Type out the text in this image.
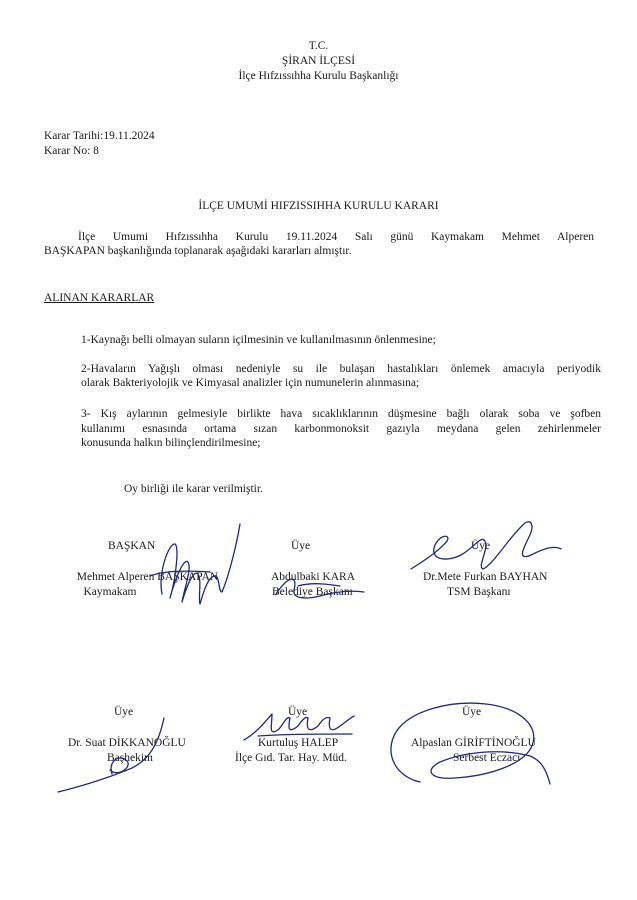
T.C.
ŞİRAN İLÇESİ
İlçe Hıfzıssıhha Kurulu Başkanlığı
Karar Tarihi:19.11.2024
Karar No: 8
İLÇE UMUMİ HIFZISSIHHA KURULU KARARI
İlçe Umumi Hıfzıssıhha Kurulu 19.11.2024 Salı günü Kaymakam Mehmet Alperen
BAŞKAPAN başkanlığında toplanarak aşağıdaki kararları almıştır.
ALINAN KARARLAR
1-Kaynağı belli olmayan suların içilmesinin ve kullanılmasının önlenmesine;
2-Havaların Yağışlı olması nedeniyle su ile bulaşan hastalıkları önlemek amacıyla periyodik
olarak Bakteriyolojik ve Kimyasal analizler için numunelerin alınmasına;
3- Kış aylarının gelmesiyle birlikte hava sıcaklıklarının düşmesine bağlı olarak soba ve şofben
kullanımı esnasında ortama sızan karbonmonoksit gazıyla meydana gelen zehirlenmeler
konusunda halkın bilinçlendirilmesine;
Oy birliği ile karar verilmiştir.
BAŞKAN
Mehmet Alperen BAŞKAPAN
Kaymakam
Üye
Abdulbaki KARA
Belediye Başkanı
Üye
Dr.Mete Furkan BAYHAN
TSM Başkanı
Üye
Dr. Suat DİKKANOĞLU
Başhekim
Üye
Kurtuluş HALEP
İlçe Gıd. Tar. Hay. Müd.
Üye
Alpaslan GİRİFTİNOĞLU
Serbest Eczacı
